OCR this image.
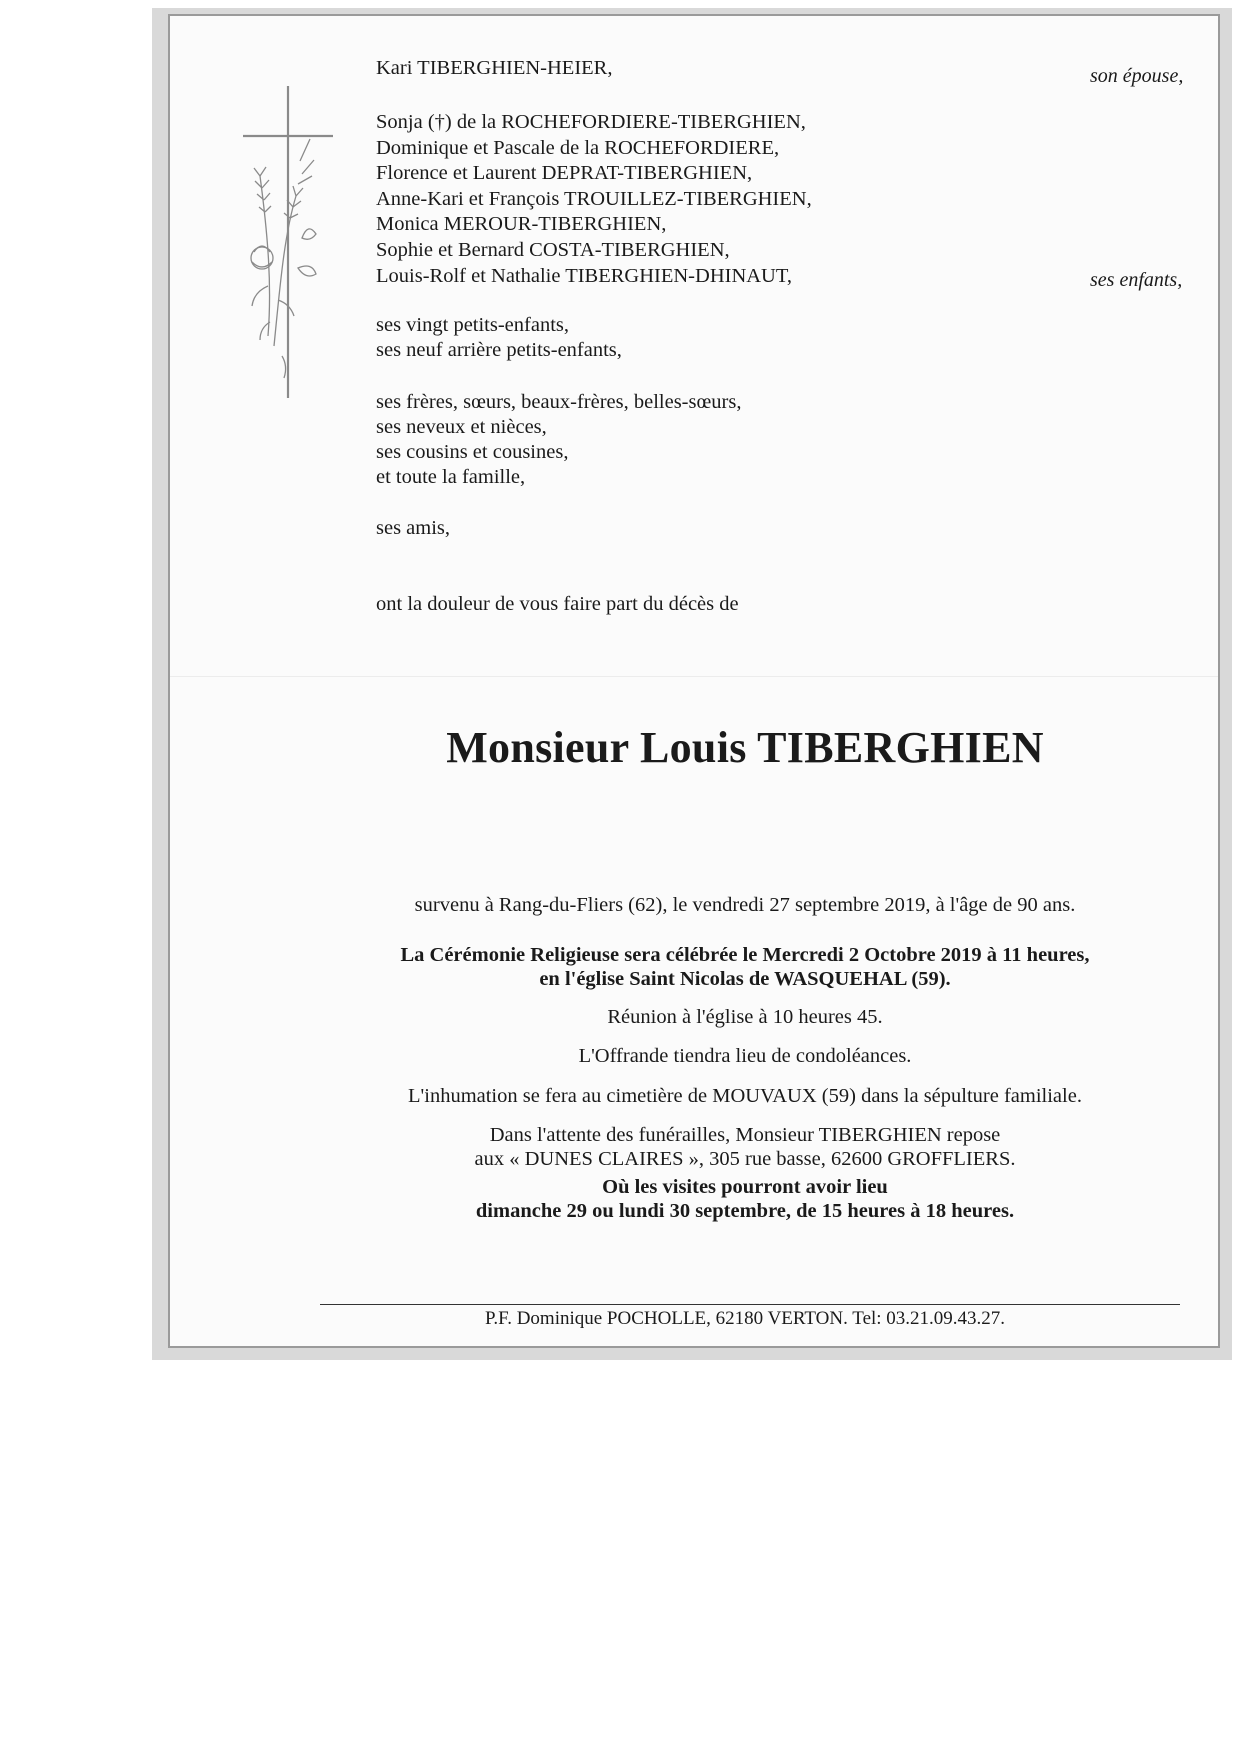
Kari TIBERGHIEN-HEIER,	son épouse,
Sonja (†) de la ROCHEFORDIERE-TIBERGHIEN,
Dominique et Pascale de la ROCHEFORDIERE,
Florence et Laurent DEPRAT-TIBERGHIEN,
Anne-Kari et François TROUILLEZ-TIBERGHIEN,
Monica MEROUR-TIBERGHIEN,
Sophie et Bernard COSTA-TIBERGHIEN,
Louis-Rolf et Nathalie TIBERGHIEN-DHINAUT,	ses enfants,
ses vingt petits-enfants,
ses neuf arrière petits-enfants,
ses frères, sœurs, beaux-frères, belles-sœurs,
ses neveux et nièces,
ses cousins et cousines,
et toute la famille,
ses amis,
ont la douleur de vous faire part du décès de
Monsieur Louis TIBERGHIEN
survenu à Rang-du-Fliers (62), le vendredi 27 septembre 2019, à l'âge de 90 ans.
La Cérémonie Religieuse sera célébrée le Mercredi 2 Octobre 2019 à 11 heures,
en l'église Saint Nicolas de WASQUEHAL (59).
Réunion à l'église à 10 heures 45.
L'Offrande tiendra lieu de condoléances.
L'inhumation se fera au cimetière de MOUVAUX (59) dans la sépulture familiale.
Dans l'attente des funérailles, Monsieur TIBERGHIEN repose
aux « DUNES CLAIRES », 305 rue basse, 62600 GROFFLIERS.
Où les visites pourront avoir lieu
dimanche 29 ou lundi 30 septembre, de 15 heures à 18 heures.
P.F. Dominique POCHOLLE, 62180 VERTON. Tel: 03.21.09.43.27.
